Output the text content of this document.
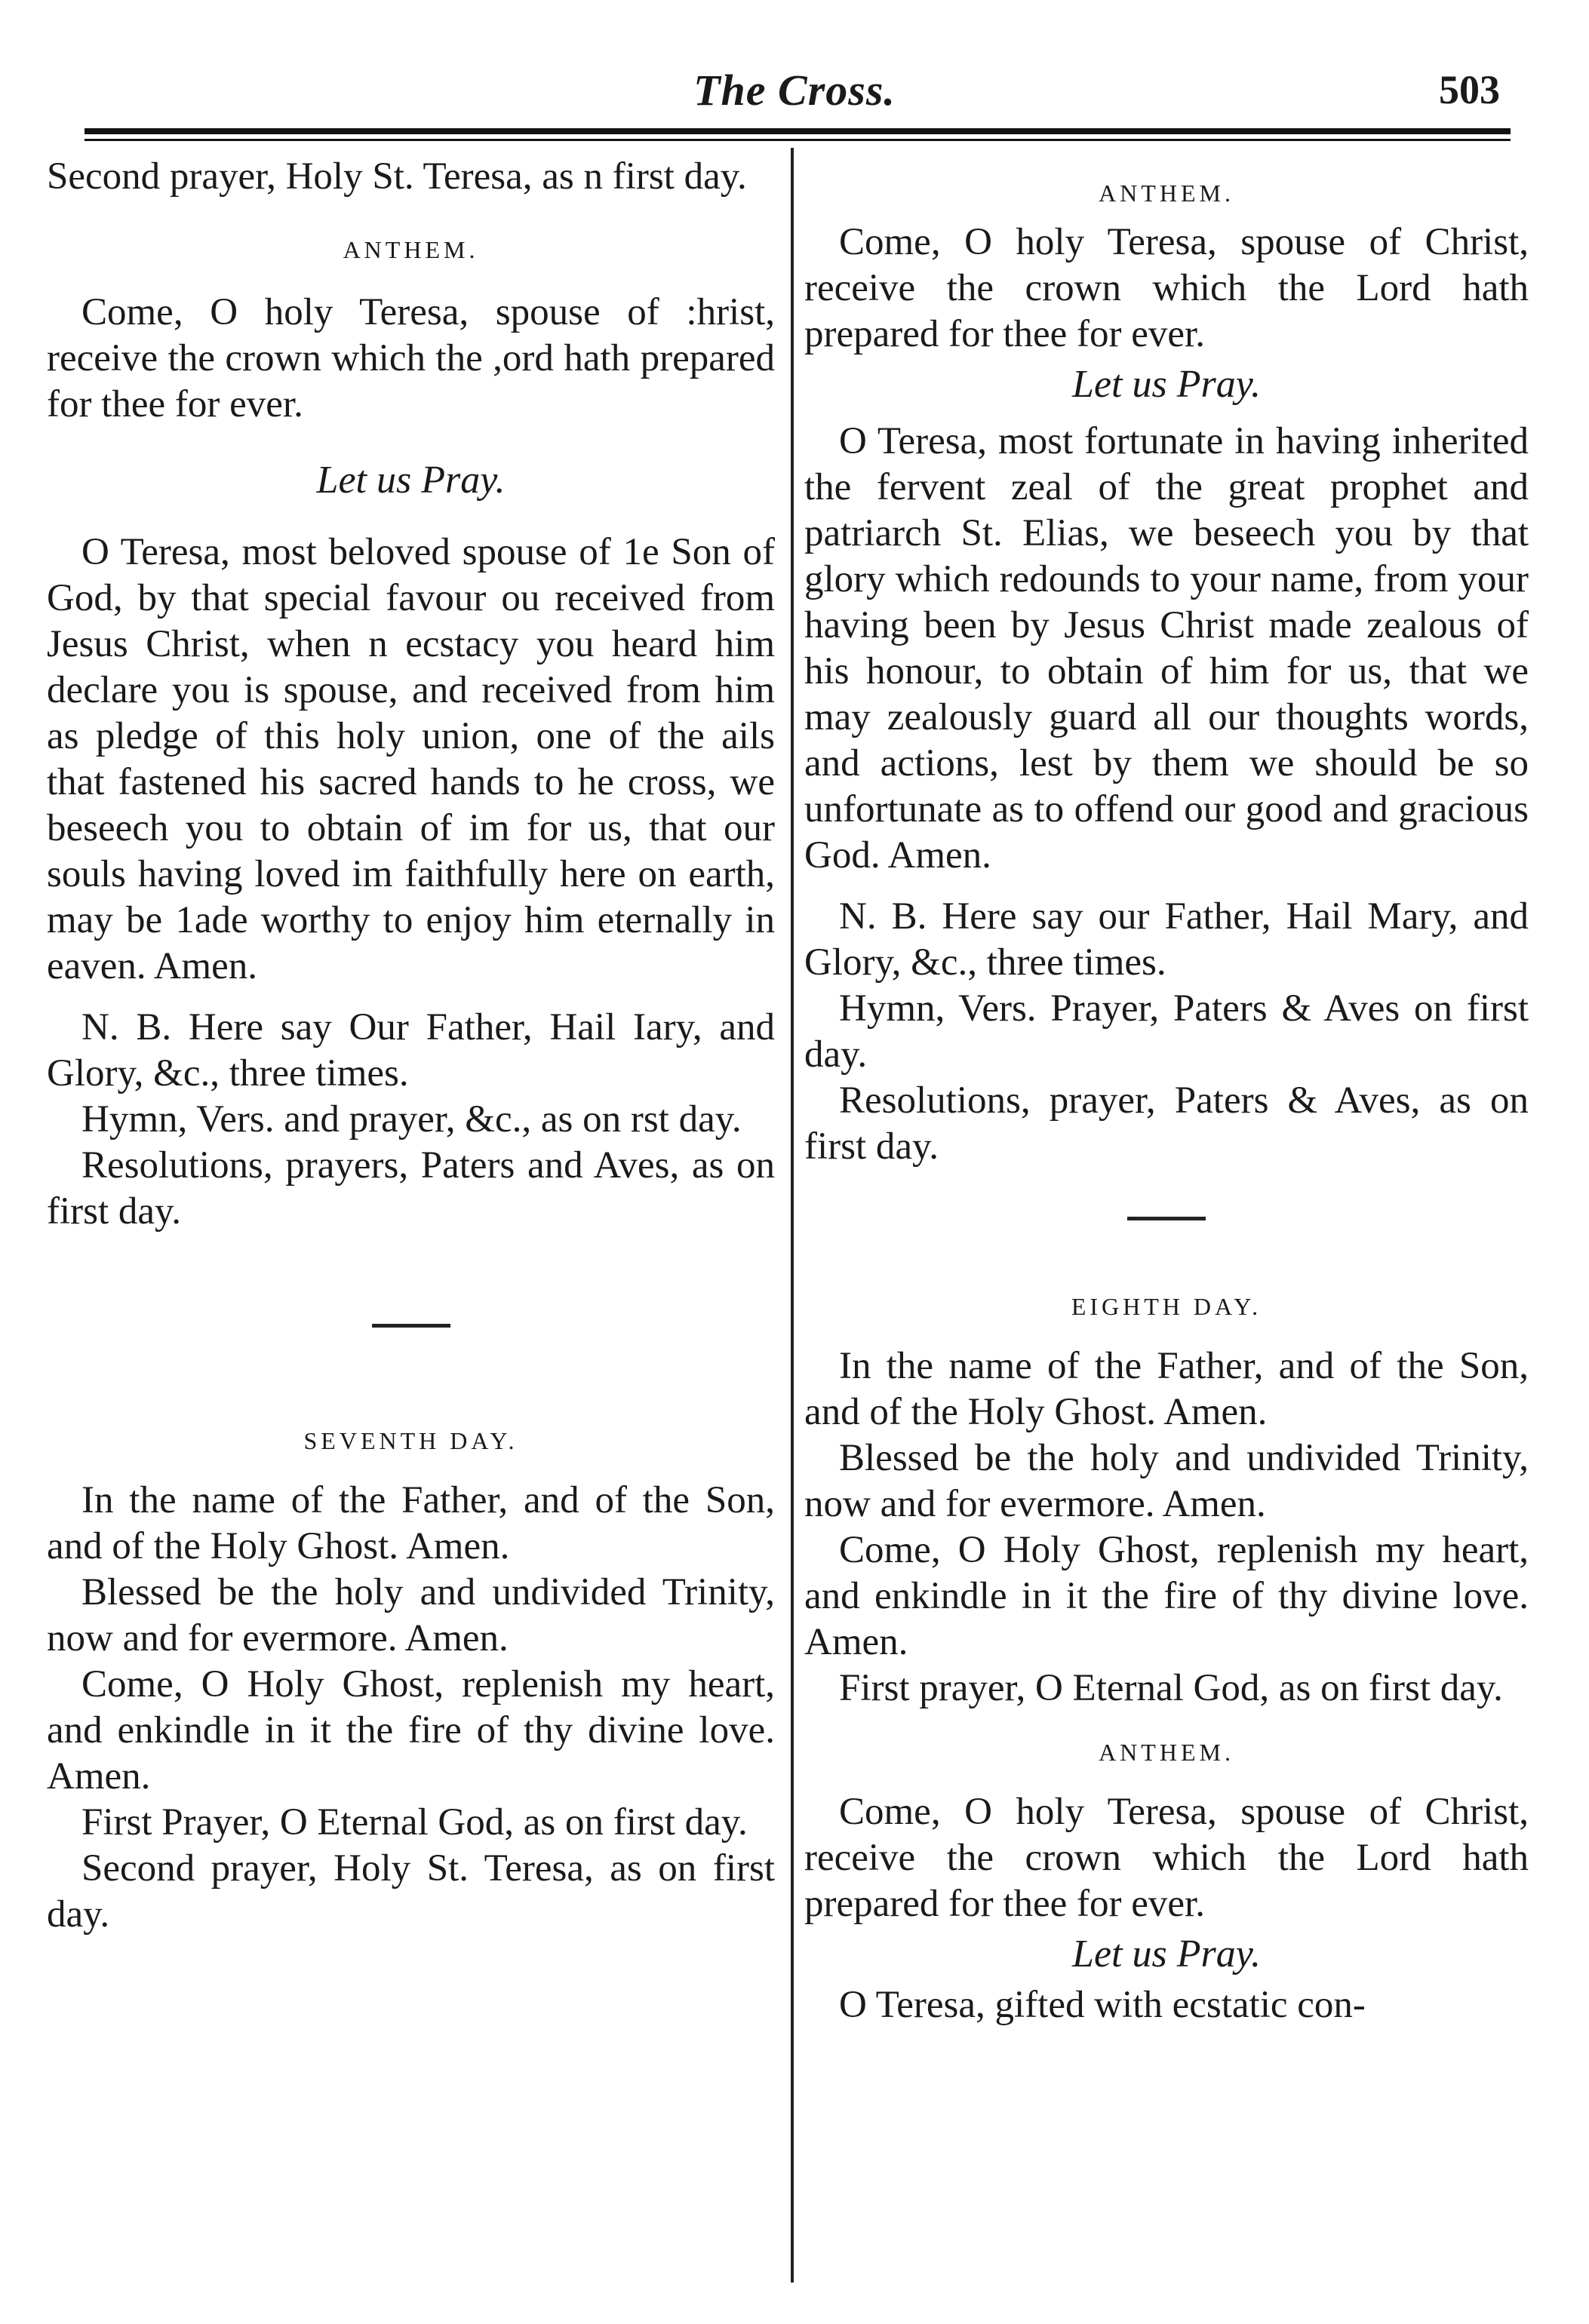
The Cross.	503

Second prayer, Holy St. Teresa, as n first day.

ANTHEM.

Come, O holy Teresa, spouse of :hrist, receive the crown which the ,ord hath prepared for thee for ever.

Let us Pray.

O Teresa, most beloved spouse of 1e Son of God, by that special favour ou received from Jesus Christ, when n ecstacy you heard him declare you is spouse, and received from him as pledge of this holy union, one of the ails that fastened his sacred hands to he cross, we beseech you to obtain of im for us, that our souls having loved im faithfully here on earth, may be 1ade worthy to enjoy him eternally in eaven. Amen.

N. B. Here say Our Father, Hail Iary, and Glory, &c., three times.

Hymn, Vers. and prayer, &c., as on rst day.

Resolutions, prayers, Paters and Aves, as on first day.

SEVENTH DAY.

In the name of the Father, and of the Son, and of the Holy Ghost. Amen.

Blessed be the holy and undivided Trinity, now and for evermore. Amen.

Come, O Holy Ghost, replenish my heart, and enkindle in it the fire of thy divine love. Amen.

First Prayer, O Eternal God, as on first day.

Second prayer, Holy St. Teresa, as on first day.

ANTHEM.

Come, O holy Teresa, spouse of Christ, receive the crown which the Lord hath prepared for thee for ever.

Let us Pray.

O Teresa, most fortunate in having inherited the fervent zeal of the great prophet and patriarch St. Elias, we beseech you by that glory which redounds to your name, from your having been by Jesus Christ made zealous of his honour, to obtain of him for us, that we may zealously guard all our thoughts words, and actions, lest by them we should be so unfortunate as to offend our good and gracious God. Amen.

N. B. Here say our Father, Hail Mary, and Glory, &c., three times.

Hymn, Vers. Prayer, Paters & Aves on first day.

Resolutions, prayer, Paters & Aves, as on first day.

EIGHTH DAY.

In the name of the Father, and of the Son, and of the Holy Ghost. Amen.

Blessed be the holy and undivided Trinity, now and for evermore. Amen.

Come, O Holy Ghost, replenish my heart, and enkindle in it the fire of thy divine love. Amen.

First prayer, O Eternal God, as on first day.

ANTHEM.

Come, O holy Teresa, spouse of Christ, receive the crown which the Lord hath prepared for thee for ever.

Let us Pray.

O Teresa, gifted with ecstatic con-
